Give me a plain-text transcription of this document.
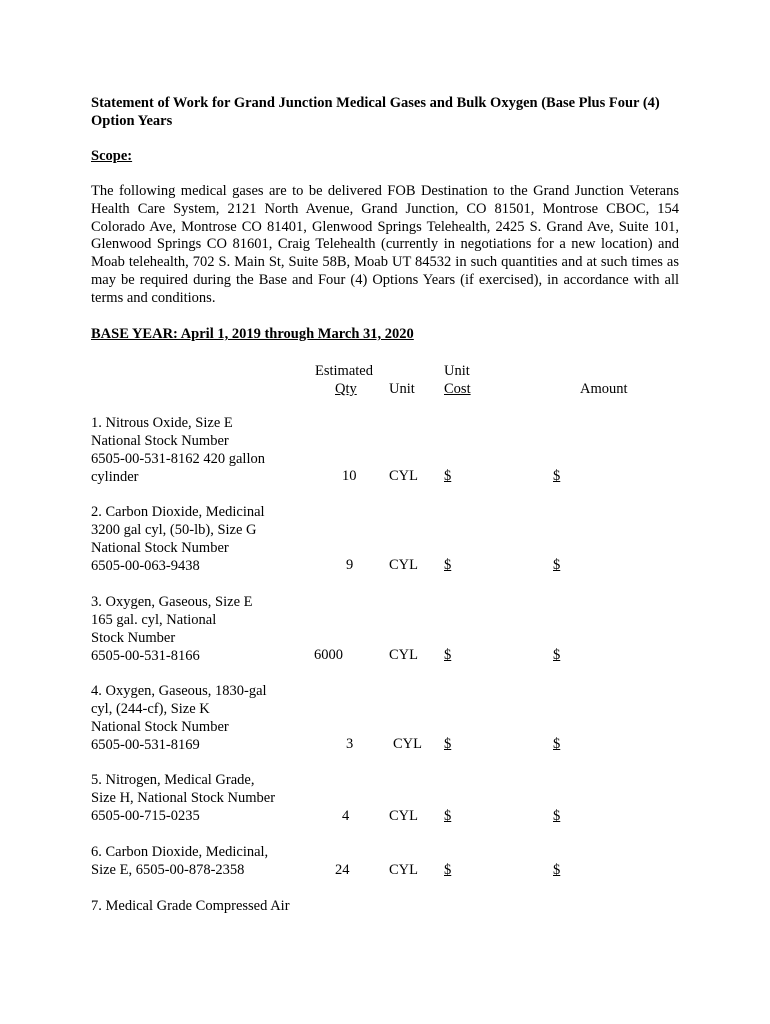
Statement of Work for Grand Junction Medical Gases and Bulk Oxygen (Base Plus Four (4) Option Years
Scope:
The following medical gases are to be delivered FOB Destination to the Grand Junction Veterans Health Care System, 2121 North Avenue, Grand Junction, CO 81501, Montrose CBOC, 154 Colorado Ave, Montrose CO 81401, Glenwood Springs Telehealth, 2425 S. Grand Ave, Suite 101, Glenwood Springs CO 81601, Craig Telehealth (currently in negotiations for a new location) and Moab telehealth, 702 S. Main St, Suite 58B, Moab UT 84532 in such quantities and at such times as may be required during the Base and Four (4) Options Years (if exercised), in accordance with all terms and conditions.
BASE YEAR: April 1, 2019 through March 31, 2020
Estimated
Qty Unit
Unit
Cost	Amount
1. Nitrous Oxide, Size E
National Stock Number
6505-00-531-8162 420 gallon
cylinder	10 CYL $	$
2. Carbon Dioxide, Medicinal
3200 gal cyl, (50-lb), Size G
National Stock Number
6505-00-063-9438	9 CYL $	$
3. Oxygen, Gaseous, Size E
165 gal. cyl, National
Stock Number
6505-00-531-8166	6000	CYL $	$
4. Oxygen, Gaseous, 1830-gal
cyl, (244-cf), Size K
National Stock Number
6505-00-531-8169	3	CYL $	$
5. Nitrogen, Medical Grade,
Size H, National Stock Number
6505-00-715-0235	4	CYL $	$
6. Carbon Dioxide, Medicinal,
Size E, 6505-00-878-2358	24	CYL $	$
7. Medical Grade Compressed Air
